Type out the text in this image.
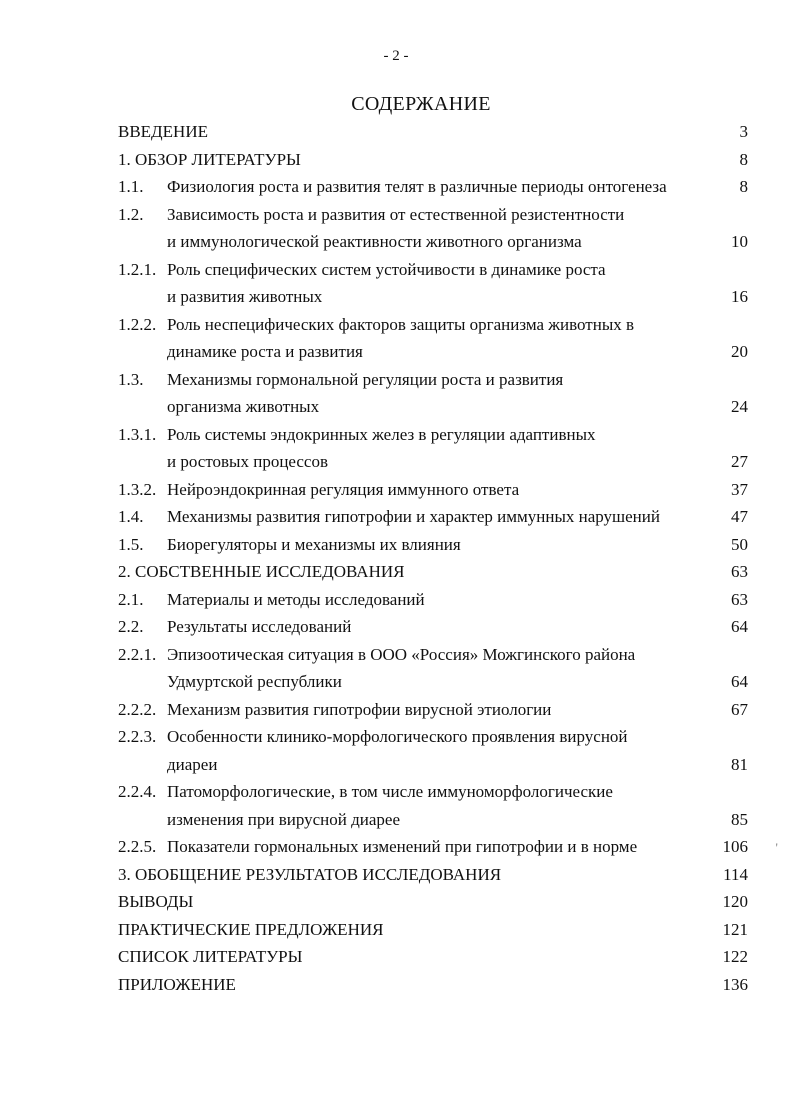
- 2 -
СОДЕРЖАНИЕ
ВВЕДЕНИЕ	3
1. ОБЗОР ЛИТЕРАТУРЫ	8
1.1. Физиология роста и развития телят в различные периоды онтогенеза	8
1.2. Зависимость роста и развития от естественной резистентности
и иммунологической реактивности животного организма	10
1.2.1. Роль специфических систем устойчивости в динамике роста
и развития животных	16
1.2.2. Роль неспецифических факторов защиты организма животных в
динамике роста и развития	20
1.3. Механизмы гормональной регуляции роста и развития
организма животных	24
1.3.1. Роль системы эндокринных желез в регуляции адаптивных
и ростовых процессов	27
1.3.2. Нейроэндокринная регуляция иммунного ответа	37
1.4. Механизмы развития гипотрофии и характер иммунных нарушений	47
1.5. Биорегуляторы и механизмы их влияния	50
2. СОБСТВЕННЫЕ ИССЛЕДОВАНИЯ	63
2.1. Материалы и методы исследований	63
2.2. Результаты исследований	64
2.2.1. Эпизоотическая ситуация в ООО «Россия» Можгинского района
Удмуртской республики	64
2.2.2. Механизм развития гипотрофии вирусной этиологии	67
2.2.3. Особенности клинико-морфологического проявления вирусной
диареи	81
2.2.4. Патоморфологические, в том числе иммуноморфологические
изменения при вирусной диарее	85
2.2.5. Показатели гормональных изменений при гипотрофии и в норме	106
3. ОБОБЩЕНИЕ РЕЗУЛЬТАТОВ ИССЛЕДОВАНИЯ	114
ВЫВОДЫ	120
ПРАКТИЧЕСКИЕ ПРЕДЛОЖЕНИЯ	121
СПИСОК ЛИТЕРАТУРЫ	122
ПРИЛОЖЕНИЕ	136
ꞌ
